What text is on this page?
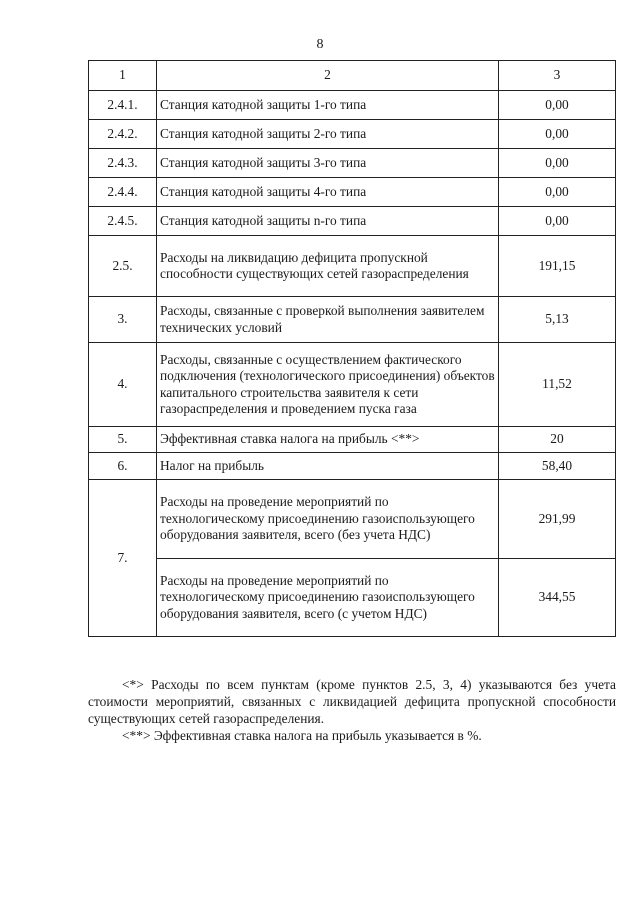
8
1	2	3
2.4.1.	Станция катодной защиты 1-го типа	0,00
2.4.2.	Станция катодной защиты 2-го типа	0,00
2.4.3.	Станция катодной защиты 3-го типа	0,00
2.4.4.	Станция катодной защиты 4-го типа	0,00
2.4.5.	Станция катодной защиты n-го типа	0,00
2.5.	Расходы на ликвидацию дефицита пропускной способности существующих сетей газораспределения	191,15
3.	Расходы, связанные с проверкой выполнения заявителем технических условий	5,13
4.	Расходы, связанные с осуществлением фактического подключения (технологического присоединения) объектов капитального строительства заявителя к сети газораспределения и проведением пуска газа	11,52
5.	Эффективная ставка налога на прибыль <**>	20
6.	Налог на прибыль	58,40
7.	Расходы на проведение мероприятий по технологическому присоединению газоиспользующего оборудования заявителя, всего (без учета НДС)	291,99
	Расходы на проведение мероприятий по технологическому присоединению газоиспользующего оборудования заявителя, всего (с учетом НДС)	344,55

<*> Расходы по всем пунктам (кроме пунктов 2.5, 3, 4) указываются без учета стоимости мероприятий, связанных с ликвидацией дефицита пропускной способности существующих сетей газораспределения.

<**> Эффективная ставка налога на прибыль указывается в %.
